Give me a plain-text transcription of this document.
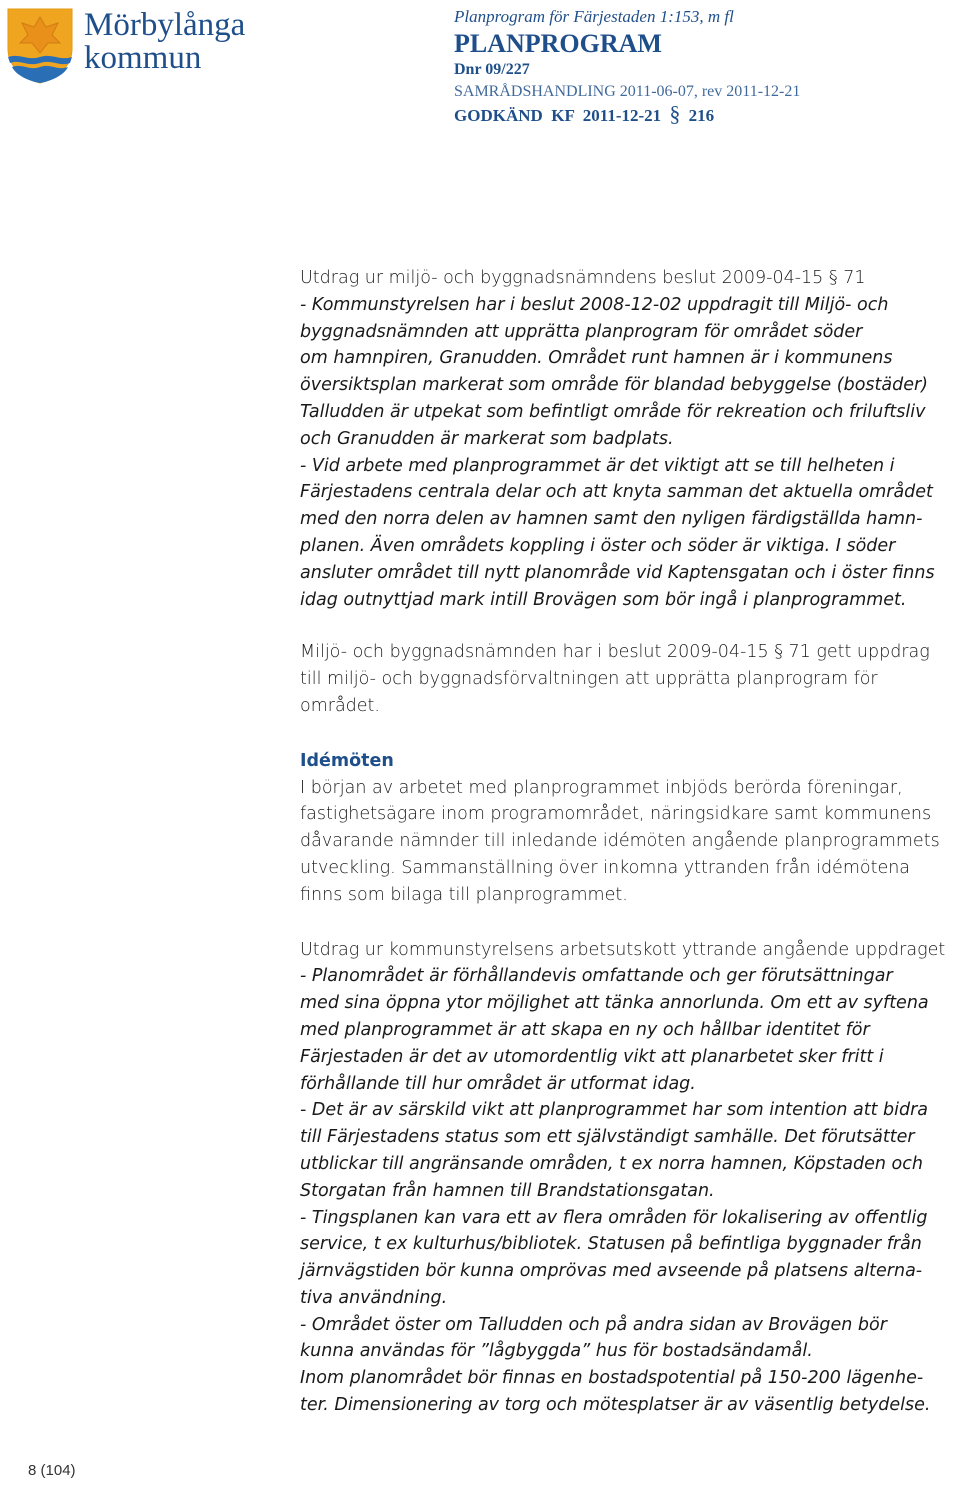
Mörbylånga
kommun
Planprogram för Färjestaden 1:153, m fl
PLANPROGRAM
Dnr 09/227
SAMRÅDSHANDLING 2011-06-07, rev 2011-12-21
GODKÄND  KF  2011-12-21 § 216
Utdrag ur miljö- och byggnadsnämndens beslut 2009-04-15 § 71
- Kommunstyrelsen har i beslut 2008-12-02 uppdragit till Miljö- och
byggnadsnämnden att upprätta planprogram för området söder
om hamnpiren, Granudden. Området runt hamnen är i kommunens
översiktsplan markerat som område för blandad bebyggelse (bostäder)
Talludden är utpekat som befintligt område för rekreation och friluftsliv
och Granudden är markerat som badplats.
- Vid arbete med planprogrammet är det viktigt att se till helheten i
Färjestadens centrala delar och att knyta samman det aktuella området
med den norra delen av hamnen samt den nyligen färdigställda hamn-
planen. Även områdets koppling i öster och söder är viktiga. I söder
ansluter området till nytt planområde vid Kaptensgatan och i öster finns
idag outnyttjad mark intill Brovägen som bör ingå i planprogrammet.
Miljö- och byggnadsnämnden har i beslut 2009-04-15 § 71 gett uppdrag
till miljö- och byggnadsförvaltningen att upprätta planprogram för
området.
Idémöten
I början av arbetet med planprogrammet inbjöds berörda föreningar,
fastighetsägare inom programområdet, näringsidkare samt kommunens
dåvarande nämnder till inledande idémöten angående planprogrammets
utveckling. Sammanställning över inkomna yttranden från idémötena
finns som bilaga till planprogrammet.
Utdrag ur kommunstyrelsens arbetsutskott yttrande angående uppdraget
- Planområdet är förhållandevis omfattande och ger förutsättningar
med sina öppna ytor möjlighet att tänka annorlunda. Om ett av syftena
med planprogrammet är att skapa en ny och hållbar identitet för
Färjestaden är det av utomordentlig vikt att planarbetet sker fritt i
förhållande till hur området är utformat idag.
- Det är av särskild vikt att planprogrammet har som intention att bidra
till Färjestadens status som ett självständigt samhälle. Det förutsätter
utblickar till angränsande områden, t ex norra hamnen, Köpstaden och
Storgatan från hamnen till Brandstationsgatan.
- Tingsplanen kan vara ett av flera områden för lokalisering av offentlig
service, t ex kulturhus/bibliotek. Statusen på befintliga byggnader från
järnvägstiden bör kunna omprövas med avseende på platsens alterna-
tiva användning.
- Området öster om Talludden och på andra sidan av Brovägen bör
kunna användas för ”lågbyggda” hus för bostadsändamål.
Inom planområdet bör finnas en bostadspotential på 150-200 lägenhe-
ter. Dimensionering av torg och mötesplatser är av väsentlig betydelse.
8 (104)
